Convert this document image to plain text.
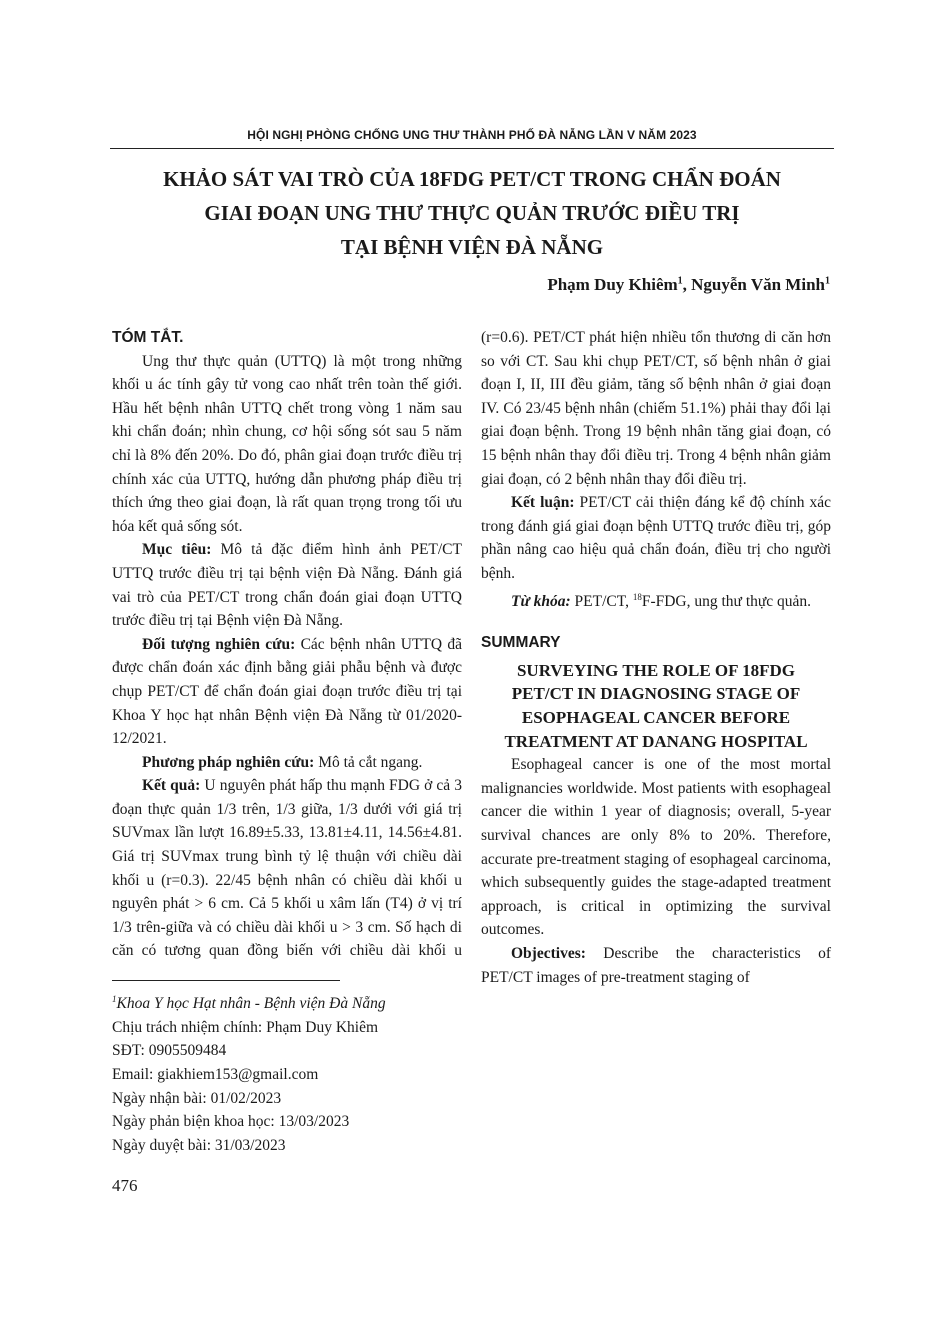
HỘI NGHỊ PHÒNG CHỐNG UNG THƯ THÀNH PHỐ ĐÀ NẴNG LẦN V NĂM 2023
KHẢO SÁT VAI TRÒ CỦA 18FDG PET/CT TRONG CHẨN ĐOÁN
GIAI ĐOẠN UNG THƯ THỰC QUẢN TRƯỚC ĐIỀU TRỊ
TẠI BỆNH VIỆN ĐÀ NẴNG
Phạm Duy Khiêm$^1$, Nguyễn Văn Minh$^1$

TÓM TẮT.

Ung thư thực quản (UTTQ) là một trong những khối u ác tính gây tử vong cao nhất trên toàn thế giới. Hầu hết bệnh nhân UTTQ chết trong vòng 1 năm sau khi chẩn đoán; nhìn chung, cơ hội sống sót sau 5 năm chỉ là 8% đến 20%. Do đó, phân giai đoạn trước điều trị chính xác của UTTQ, hướng dẫn phương pháp điều trị thích ứng theo giai đoạn, là rất quan trọng trong tối ưu hóa kết quả sống sót.

Mục tiêu: Mô tả đặc điểm hình ảnh PET/CT UTTQ trước điều trị tại bệnh viện Đà Nẵng. Đánh giá vai trò của PET/CT trong chẩn đoán giai đoạn UTTQ trước điều trị tại Bệnh viện Đà Nẵng.

Đối tượng nghiên cứu: Các bệnh nhân UTTQ đã được chẩn đoán xác định bằng giải phẫu bệnh và được chụp PET/CT để chẩn đoán giai đoạn trước điều trị tại Khoa Y học hạt nhân Bệnh viện Đà Nẵng từ 01/2020-12/2021.

Phương pháp nghiên cứu: Mô tả cắt ngang.

Kết quả: U nguyên phát hấp thu mạnh FDG ở cả 3 đoạn thực quản 1/3 trên, 1/3 giữa, 1/3 dưới với giá trị SUVmax lần lượt 16.89±5.33, 13.81±4.11, 14.56±4.81. Giá trị SUVmax trung bình tỷ lệ thuận với chiều dài khối u (r=0.3). 22/45 bệnh nhân có chiều dài khối u nguyên phát > 6 cm. Cả 5 khối u xâm lấn (T4) ở vị trí 1/3 trên-giữa và có chiều dài khối u > 3 cm. Số hạch di căn có tương quan đồng biến với chiều dài khối u

$^1$Khoa Y học Hạt nhân - Bệnh viện Đà Nẵng
Chịu trách nhiệm chính: Phạm Duy Khiêm
SĐT: 0905509484
Email: giakhiem153@gmail.com
Ngày nhận bài: 01/02/2023
Ngày phản biện khoa học: 13/03/2023
Ngày duyệt bài: 31/03/2023
476

(r=0.6). PET/CT phát hiện nhiều tổn thương di căn hơn so với CT. Sau khi chụp PET/CT, số bệnh nhân ở giai đoạn I, II, III đều giảm, tăng số bệnh nhân ở giai đoạn IV. Có 23/45 bệnh nhân (chiếm 51.1%) phải thay đổi lại giai đoạn bệnh. Trong 19 bệnh nhân tăng giai đoạn, có 15 bệnh nhân thay đổi điều trị. Trong 4 bệnh nhân giảm giai đoạn, có 2 bệnh nhân thay đổi điều trị.

Kết luận: PET/CT cải thiện đáng kể độ chính xác trong đánh giá giai đoạn bệnh UTTQ trước điều trị, góp phần nâng cao hiệu quả chẩn đoán, điều trị cho người bệnh.

Từ khóa: PET/CT, $^{18}$F-FDG, ung thư thực quản.

SUMMARY

SURVEYING THE ROLE OF 18FDG
PET/CT IN DIAGNOSING STAGE OF
ESOPHAGEAL CANCER BEFORE
TREATMENT AT DANANG HOSPITAL

Esophageal cancer is one of the most mortal malignancies worldwide. Most patients with esophageal cancer die within 1 year of diagnosis; overall, 5-year survival chances are only 8% to 20%. Therefore, accurate pre-treatment staging of esophageal carcinoma, which subsequently guides the stage-adapted treatment approach, is critical in optimizing the survival outcomes.

Objectives: Describe the characteristics of PET/CT images of pre-treatment staging of
